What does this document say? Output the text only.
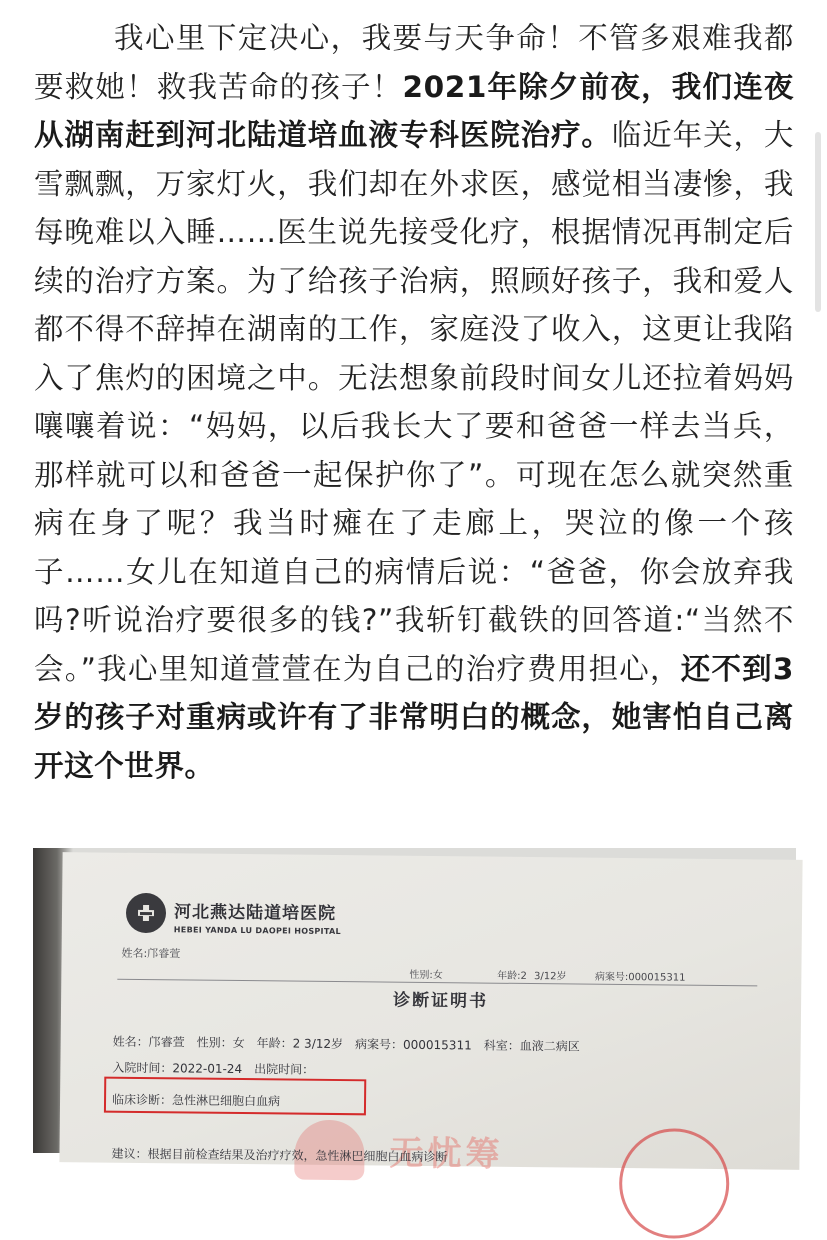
我心里下定决心，我要与天争命！不管多艰难我都要救她！救我苦命的孩子！2021年除夕前夜，我们连夜从湖南赶到河北陆道培血液专科医院治疗。临近年关，大雪飘飘，万家灯火，我们却在外求医，感觉相当凄惨，我每晚难以入睡……医生说先接受化疗，根据情况再制定后续的治疗方案。为了给孩子治病，照顾好孩子，我和爱人都不得不辞掉在湖南的工作，家庭没了收入，这更让我陷入了焦灼的困境之中。无法想象前段时间女儿还拉着妈妈嚷嚷着说：“妈妈，以后我长大了要和爸爸一样去当兵，那样就可以和爸爸一起保护你了”。可现在怎么就突然重病在身了呢？我当时瘫在了走廊上，哭泣的像一个孩子……女儿在知道自己的病情后说：“爸爸，你会放弃我吗?听说治疗要很多的钱?”我斩钉截铁的回答道:“当然不会。”我心里知道萱萱在为自己的治疗费用担心，还不到3岁的孩子对重病或许有了非常明白的概念，她害怕自己离开这个世界。

河北燕达陆道培医院
HEBEI YANDA LU DAOPEI HOSPITAL
姓名:邝睿萱
性别:女	年龄:2 3/12岁	病案号:000015311
诊断证明书
姓名：邝睿萱　性别：女　年龄：2 3/12岁　病案号：000015311　科室：血液二病区
入院时间：2022-01-24　出院时间：
临床诊断：急性淋巴细胞白血病
无忧筹
建议：根据目前检查结果及治疗疗效，急性淋巴细胞白血病诊断
